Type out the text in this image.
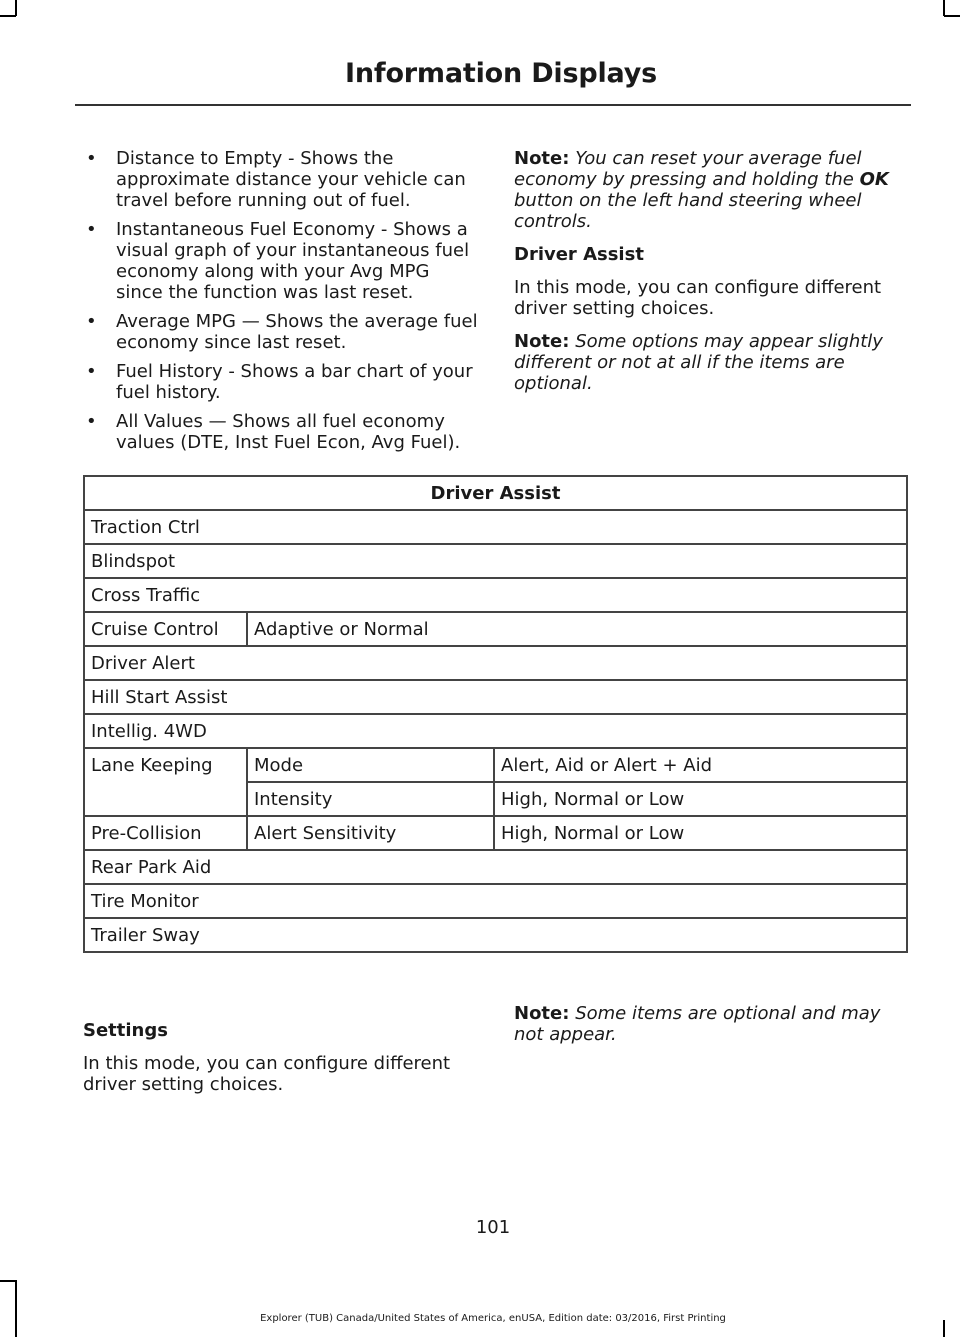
Information Displays
• Distance to Empty - Shows the approximate distance your vehicle can travel before running out of fuel.
• Instantaneous Fuel Economy - Shows a visual graph of your instantaneous fuel economy along with your Avg MPG since the function was last reset.
• Average MPG — Shows the average fuel economy since last reset.
• Fuel History - Shows a bar chart of your fuel history.
• All Values — Shows all fuel economy values (DTE, Inst Fuel Econ, Avg Fuel).

Note: You can reset your average fuel economy by pressing and holding the OK button on the left hand steering wheel controls.

Driver Assist

In this mode, you can configure different driver setting choices.

Note: Some options may appear slightly different or not at all if the items are optional.

Driver Assist		
Traction Ctrl		
Blindspot		
Cross Traffic		
Cruise Control	Adaptive or Normal	
Driver Alert		
Hill Start Assist		
Intellig. 4WD		
Lane Keeping	Mode	Alert, Aid or Alert + Aid
	Intensity	High, Normal or Low
Pre-Collision	Alert Sensitivity	High, Normal or Low
Rear Park Aid		
Tire Monitor		
Trailer Sway		
Settings

In this mode, you can configure different driver setting choices.

Note: Some items are optional and may not appear.

101
Explorer (TUB) Canada/United States of America, enUSA, Edition date: 03/2016, First Printing
